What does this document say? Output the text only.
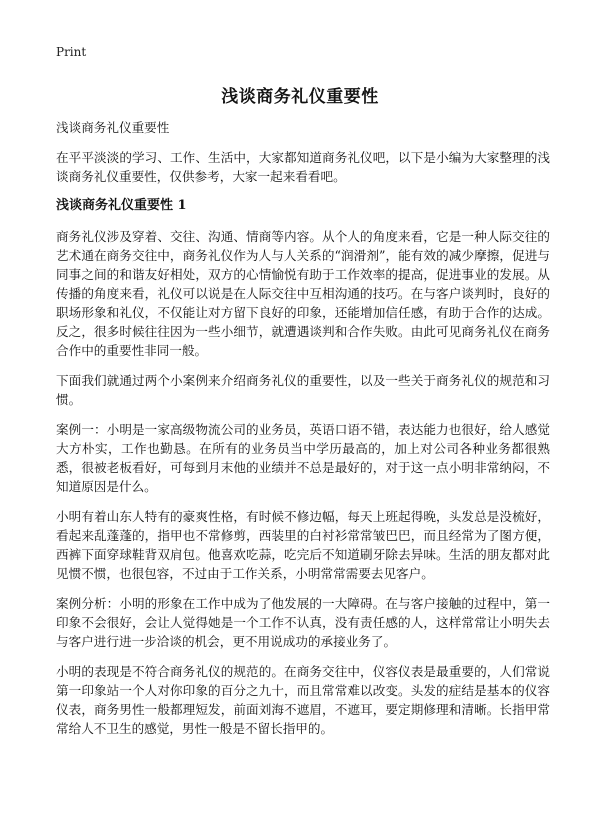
Print
浅谈商务礼仪重要性

浅谈商务礼仪重要性

在平平淡淡的学习、工作、生活中，大家都知道商务礼仪吧，以下是小编为大家整理的浅谈商务礼仪重要性，仅供参考，大家一起来看看吧。

浅谈商务礼仪重要性 1

商务礼仪涉及穿着、交往、沟通、情商等内容。从个人的角度来看，它是一种人际交往的艺术通在商务交往中，商务礼仪作为人与人关系的“润滑剂”，能有效的减少摩擦，促进与同事之间的和谐友好相处，双方的心情愉悦有助于工作效率的提高，促进事业的发展。从传播的角度来看，礼仪可以说是在人际交往中互相沟通的技巧。在与客户谈判时，良好的职场形象和礼仪，不仅能让对方留下良好的印象，还能增加信任感，有助于合作的达成。反之，很多时候往往因为一些小细节，就遭遇谈判和合作失败。由此可见商务礼仪在商务合作中的重要性非同一般。

下面我们就通过两个小案例来介绍商务礼仪的重要性，以及一些关于商务礼仪的规范和习惯。

案例一：小明是一家高级物流公司的业务员，英语口语不错，表达能力也很好，给人感觉大方朴实，工作也勤恳。在所有的业务员当中学历最高的，加上对公司各种业务都很熟悉，很被老板看好，可每到月末他的业绩并不总是最好的，对于这一点小明非常纳闷，不知道原因是什么。

小明有着山东人特有的豪爽性格，有时候不修边幅，每天上班起得晚，头发总是没梳好，看起来乱蓬蓬的，指甲也不常修剪，西装里的白衬衫常常皱巴巴，而且经常为了图方便，西裤下面穿球鞋背双肩包。他喜欢吃蒜，吃完后不知道刷牙除去异味。生活的朋友都对此见惯不惯，也很包容，不过由于工作关系，小明常常需要去见客户。

案例分析：小明的形象在工作中成为了他发展的一大障碍。在与客户接触的过程中，第一印象不会很好，会让人觉得她是一个工作不认真，没有责任感的人，这样常常让小明失去与客户进行进一步洽谈的机会，更不用说成功的承接业务了。

小明的表现是不符合商务礼仪的规范的。在商务交往中，仪容仪表是最重要的，人们常说第一印象站一个人对你印象的百分之九十，而且常常难以改变。头发的症结是基本的仪容仪表，商务男性一般都理短发，前面刘海不遮眉，不遮耳，要定期修理和清晰。长指甲常常给人不卫生的感觉，男性一般是不留长指甲的。
